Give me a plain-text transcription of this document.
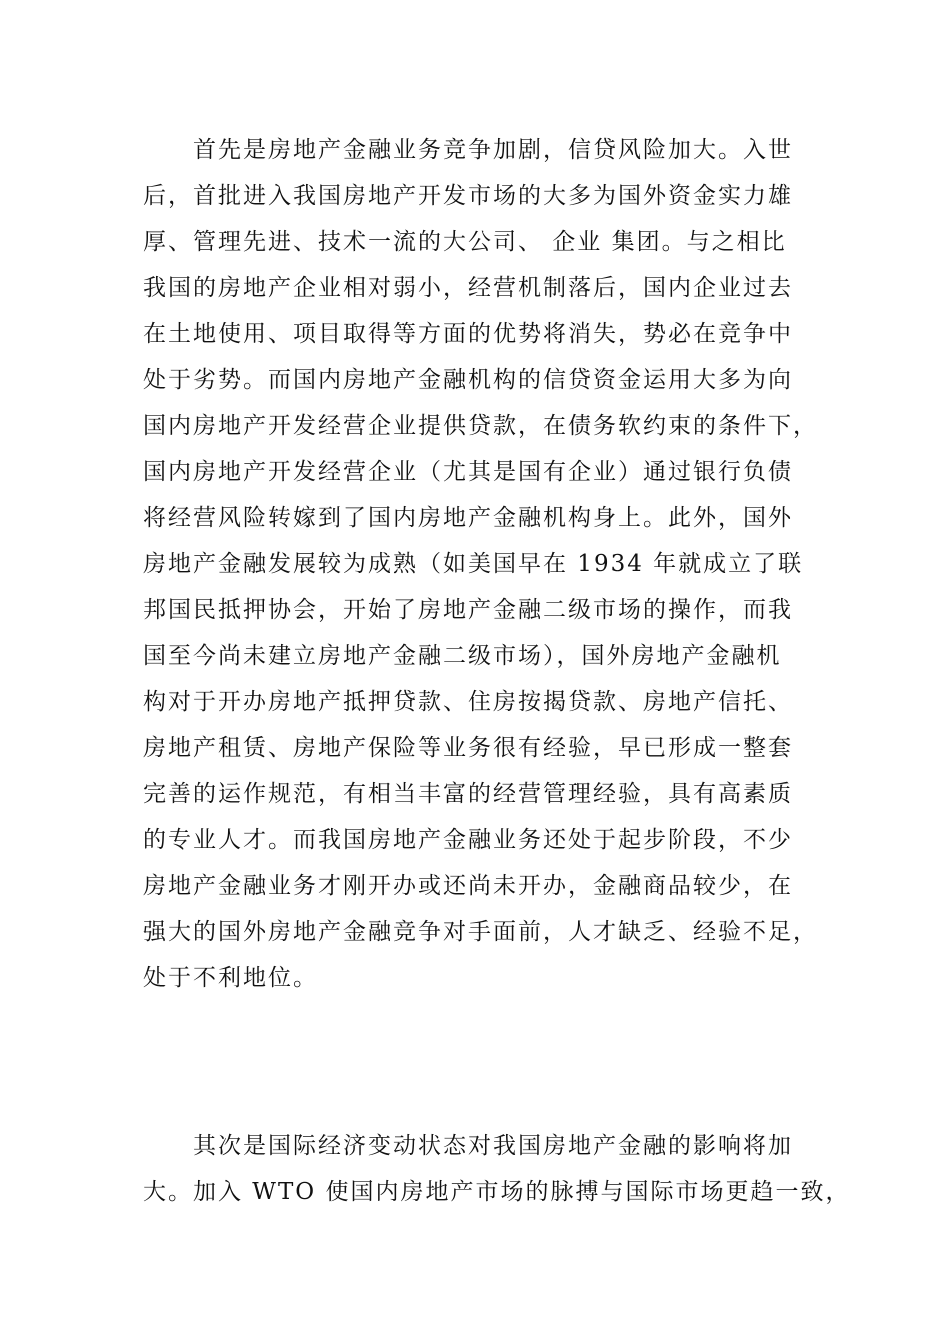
首先是房地产金融业务竞争加剧，信贷风险加大。入世
后，首批进入我国房地产开发市场的大多为国外资金实力雄
厚、管理先进、技术一流的大公司、 企业 集团。与之相比
我国的房地产企业相对弱小，经营机制落后，国内企业过去
在土地使用、项目取得等方面的优势将消失，势必在竞争中
处于劣势。而国内房地产金融机构的信贷资金运用大多为向
国内房地产开发经营企业提供贷款，在债务软约束的条件下，
国内房地产开发经营企业（尤其是国有企业）通过银行负债
将经营风险转嫁到了国内房地产金融机构身上。此外，国外
房地产金融发展较为成熟（如美国早在 1934 年就成立了联
邦国民抵押协会，开始了房地产金融二级市场的操作，而我
国至今尚未建立房地产金融二级市场），国外房地产金融机
构对于开办房地产抵押贷款、住房按揭贷款、房地产信托、
房地产租赁、房地产保险等业务很有经验，早已形成一整套
完善的运作规范，有相当丰富的经营管理经验，具有高素质
的专业人才。而我国房地产金融业务还处于起步阶段，不少
房地产金融业务才刚开办或还尚未开办，金融商品较少，在
强大的国外房地产金融竞争对手面前，人才缺乏、经验不足，
处于不利地位。
其次是国际经济变动状态对我国房地产金融的影响将加
大。加入 WTO 使国内房地产市场的脉搏与国际市场更趋一致，
